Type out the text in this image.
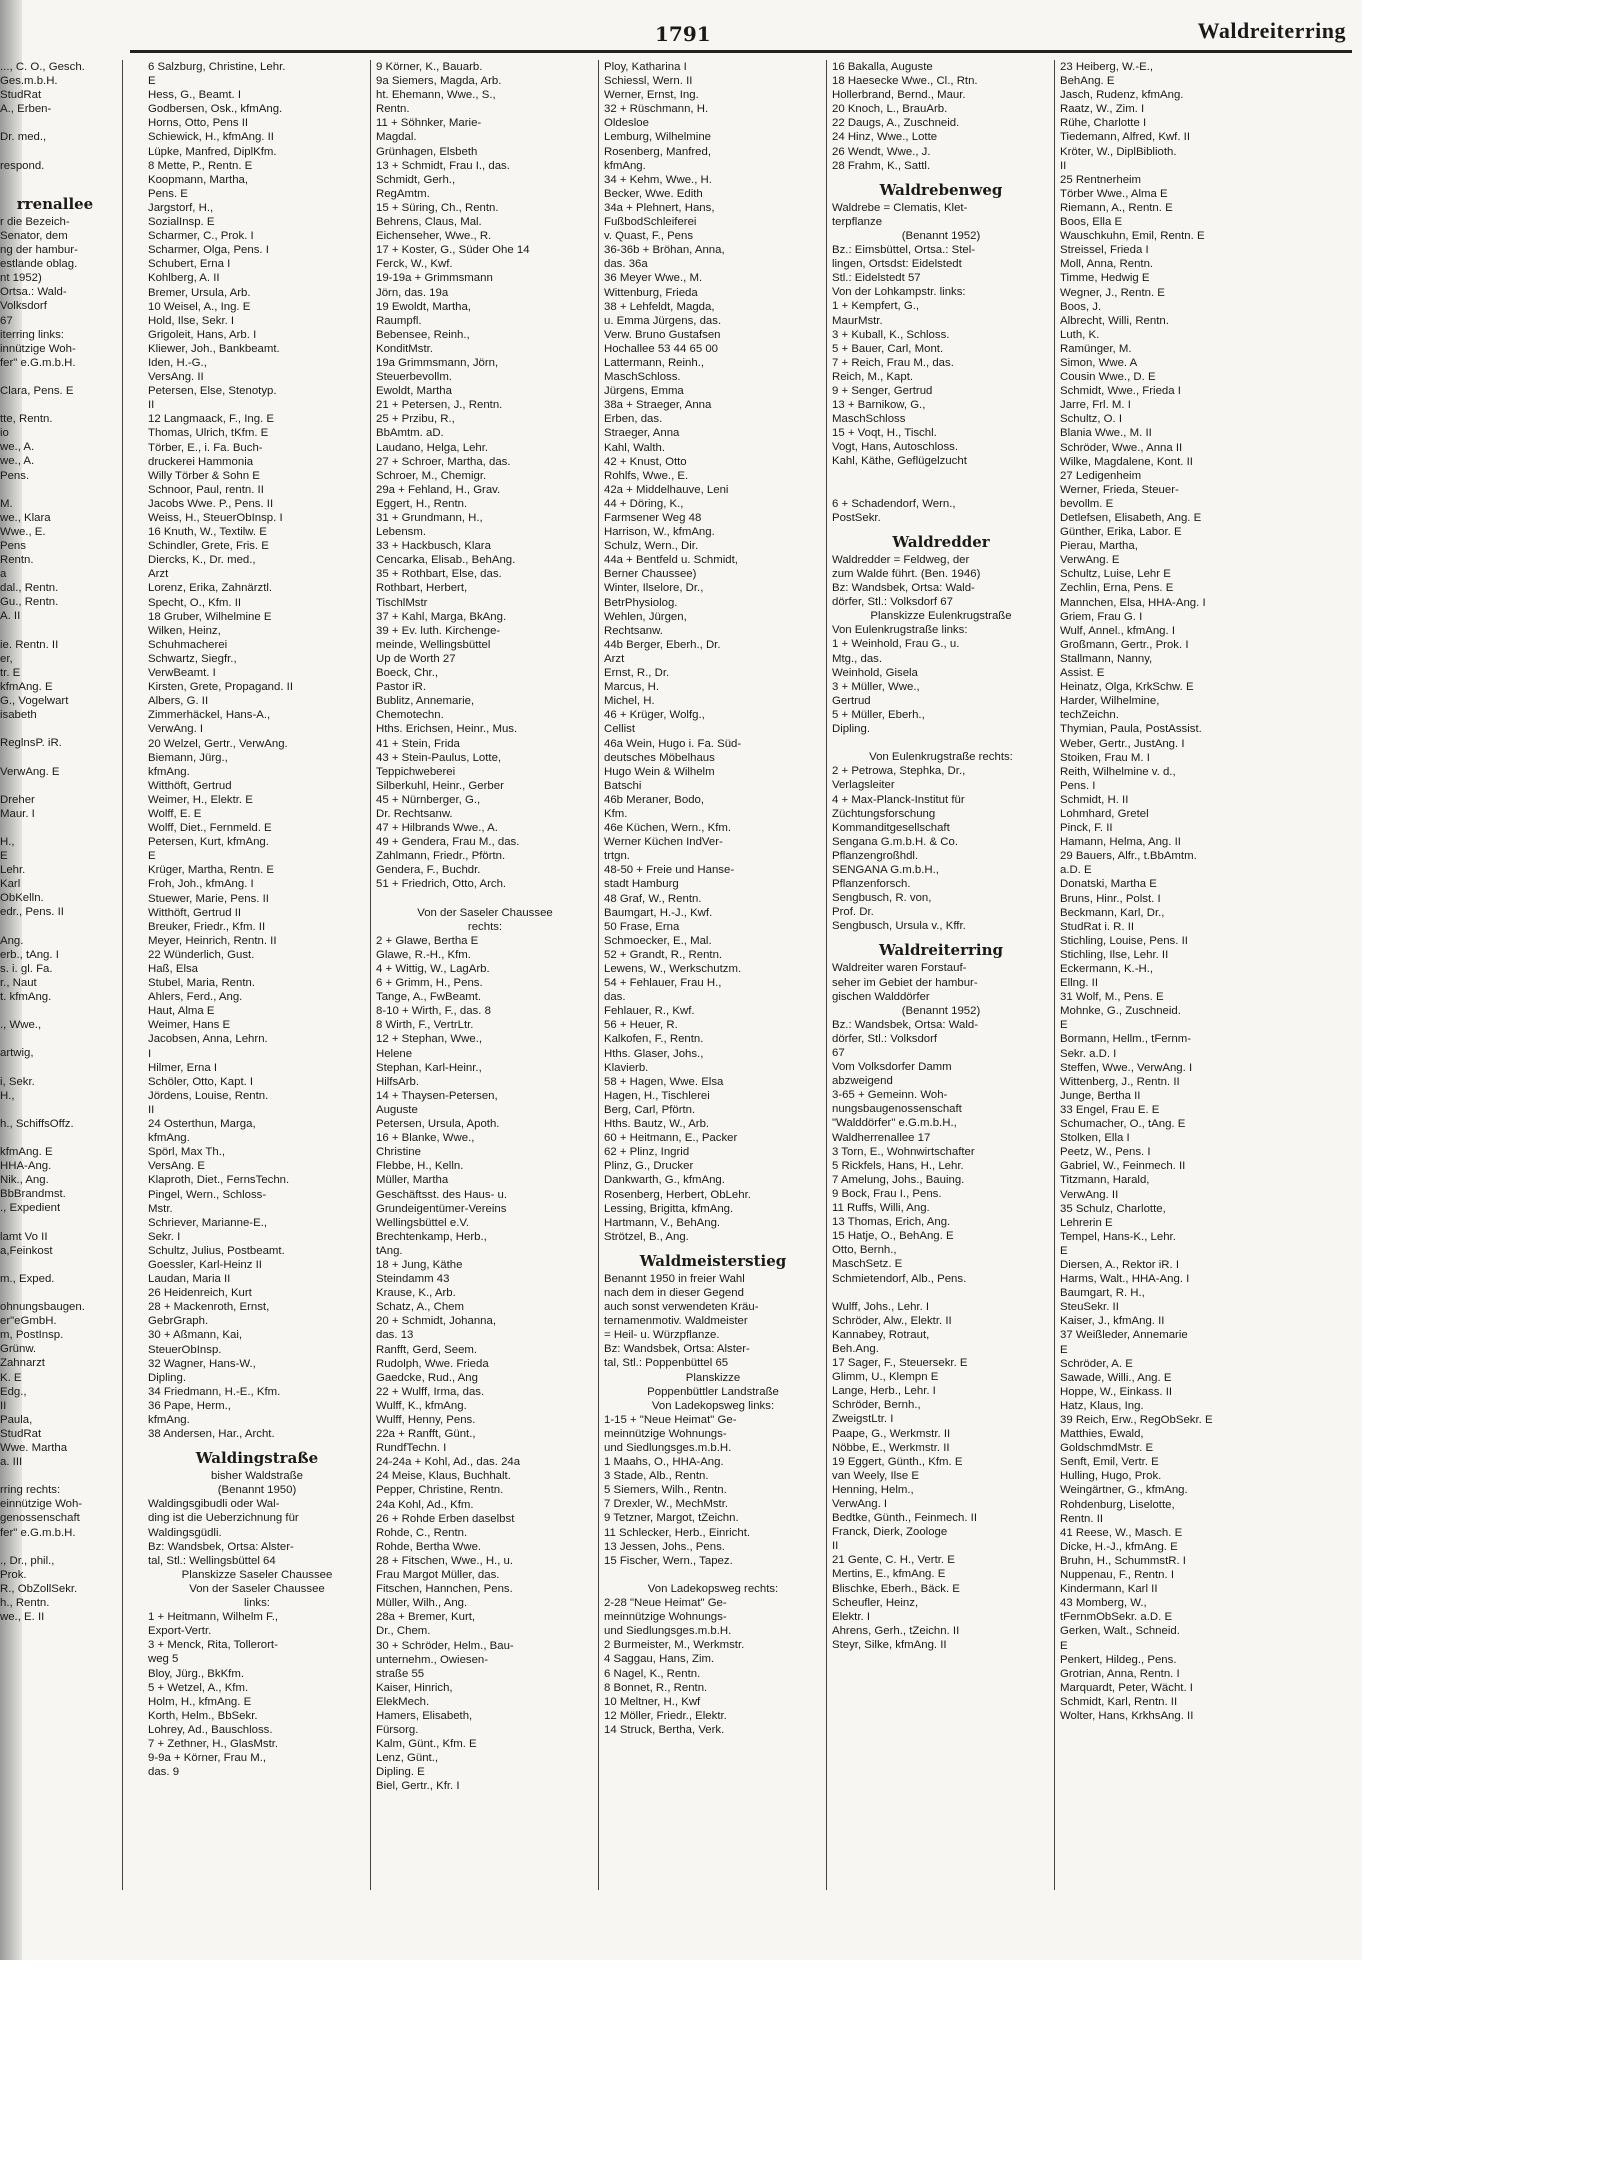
1791	Waldreiterring
..., C. O., Gesch.
Ges.m.b.H.
StudRat
A., Erben-

Dr. med.,

respond.

rrenallee
r die Bezeich-
Senator, dem
ng der hambur-
estlande oblag.
nt 1952)
Ortsa.: Wald-
Volksdorf
67
iterring links:
innützige Woh-
fer" e.G.m.b.H.

Clara, Pens. E

tte, Rentn.
io
we., A.
we., A.
Pens.

M.
we., Klara
Wwe., E.
Pens
Rentn.
a
dal., Rentn.
Gu., Rentn.
A. II

ie. Rentn. II
er,
tr. E
kfmAng. E
G., Vogelwart
isabeth

ReglnsP. iR.

VerwAng. E

Dreher
Maur. I

H.,
E
Lehr.
Karl
ObKelln.
edr., Pens. II

Ang.
erb., tAng. I
s. i. gl. Fa.
r., Naut
t. kfmAng.

., Wwe.,

artwig,

i, Sekr.
H.,

h., SchiffsOffz.

kfmAng. E
HHA-Ang.
Nik., Ang.
BbBrandmst.
., Expedient

lamt Vo II
a,Feinkost

m., Exped.

ohnungsbaugen.
er"eGmbH.
m, PostInsp.
Grünw.
Zahnarzt
K. E
Edg.,
II
Paula,
StudRat
Wwe. Martha
a. III

rring rechts:
einnützige Woh-
genossenschaft
fer" e.G.m.b.H.

., Dr., phil.,
Prok.
R., ObZollSekr.
h., Rentn.
we., E. II
6 Salzburg, Christine, Lehr.
E
Hess, G., Beamt. I
Godbersen, Osk., kfmAng.
Horns, Otto, Pens II
Schiewick, H., kfmAng. II
Lüpke, Manfred, DiplKfm.
8 Mette, P., Rentn. E
Koopmann, Martha,
Pens. E
Jargstorf, H.,
SozialInsp. E
Scharmer, C., Prok. I
Scharmer, Olga, Pens. I
Schubert, Erna I
Kohlberg, A. II
Bremer, Ursula, Arb.
10 Weisel, A., Ing. E
Hold, Ilse, Sekr. I
Grigoleit, Hans, Arb. I
Kliewer, Joh., Bankbeamt.
Iden, H.-G.,
VersAng. II
Petersen, Else, Stenotyp.
II
12 Langmaack, F., Ing. E
Thomas, Ulrich, tKfm. E
Törber, E., i. Fa. Buch-
druckerei Hammonia
Willy Törber & Sohn E
Schnoor, Paul, rentn. II
Jacobs Wwe. P., Pens. II
Weiss, H., SteuerObInsp. I
16 Knuth, W., Textilw. E
Schindler, Grete, Fris. E
Diercks, K., Dr. med.,
Arzt
Lorenz, Erika, Zahnärztl.
Specht, O., Kfm. II
18 Gruber, Wilhelmine E
Wilken, Heinz,
Schuhmacherei
Schwartz, Siegfr.,
VerwBeamt. I
Kirsten, Grete, Propagand. II
Albers, G. II
Zimmerhäckel, Hans-A.,
VerwAng. I
20 Welzel, Gertr., VerwAng.
Biemann, Jürg.,
kfmAng.
Witthöft, Gertrud
Weimer, H., Elektr. E
Wolff, E. E
Wolff, Diet., Fernmeld. E
Petersen, Kurt, kfmAng.
E
Krüger, Martha, Rentn. E
Froh, Joh., kfmAng. I
Stuewer, Marie, Pens. II
Witthöft, Gertrud II
Breuker, Friedr., Kfm. II
Meyer, Heinrich, Rentn. II
22 Wünderlich, Gust.
Haß, Elsa
Stubel, Maria, Rentn.
Ahlers, Ferd., Ang.
Haut, Alma E
Weimer, Hans E
Jacobsen, Anna, Lehrn.
I
Hilmer, Erna I
Schöler, Otto, Kapt. I
Jördens, Louise, Rentn.
II
24 Osterthun, Marga,
kfmAng.
Spörl, Max Th.,
VersAng. E
Klaproth, Diet., FernsTechn.
Pingel, Wern., Schloss-
Mstr.
Schriever, Marianne-E.,
Sekr. I
Schultz, Julius, Postbeamt.
Goessler, Karl-Heinz II
Laudan, Maria II
26 Heidenreich, Kurt
28 + Mackenroth, Ernst,
GebrGraph.
30 + Aßmann, Kai,
SteuerObInsp.
32 Wagner, Hans-W.,
Dipling.
34 Friedmann, H.-E., Kfm.
36 Pape, Herm.,
kfmAng.
38 Andersen, Har., Archt.
Waldingstraße
bisher Waldstraße
(Benannt 1950)
Waldingsgibudli oder Wal-
ding ist die Ueberzichnung für
Waldingsgüdli.
Bz: Wandsbek, Ortsa: Alster-
tal, Stl.: Wellingsbüttel 64
Planskizze Saseler Chaussee
Von der Saseler Chaussee
links:
1 + Heitmann, Wilhelm F.,
Export-Vertr.
3 + Menck, Rita, Tollerort-
weg 5
Bloy, Jürg., BkKfm.
5 + Wetzel, A., Kfm.
Holm, H., kfmAng. E
Korth, Helm., BbSekr.
Lohrey, Ad., Bauschloss.
7 + Zethner, H., GlasMstr.
9-9a + Körner, Frau M.,
das. 9
9 Körner, K., Bauarb.
9a Siemers, Magda, Arb.
ht. Ehemann, Wwe., S.,
Rentn.
11 + Söhnker, Marie-
Magdal.
Grünhagen, Elsbeth
13 + Schmidt, Frau I., das.
Schmidt, Gerh.,
RegAmtm.
15 + Süring, Ch., Rentn.
Behrens, Claus, Mal.
Eichenseher, Wwe., R.
17 + Koster, G., Süder Ohe 14
Ferck, W., Kwf.
19-19a + Grimmsmann
Jörn, das. 19a
19 Ewoldt, Martha,
Raumpfl.
Bebensee, Reinh.,
KonditMstr.
19a Grimmsmann, Jörn,
Steuerbevollm.
Ewoldt, Martha
21 + Petersen, J., Rentn.
25 + Przibu, R.,
BbAmtm. aD.
Laudano, Helga, Lehr.
27 + Schroer, Martha, das.
Schroer, M., Chemigr.
29a + Fehland, H., Grav.
Eggert, H., Rentn.
31 + Grundmann, H.,
Lebensm.
33 + Hackbusch, Klara
Cencarka, Elisab., BehAng.
35 + Rothbart, Else, das.
Rothbart, Herbert,
TischlMstr
37 + Kahl, Marga, BkAng.
39 + Ev. luth. Kirchenge-
meinde, Wellingsbüttel
Up de Worth 27
Boeck, Chr.,
Pastor iR.
Bublitz, Annemarie,
Chemotechn.
Hths. Erichsen, Heinr., Mus.
41 + Stein, Frida
43 + Stein-Paulus, Lotte,
Teppichweberei
Silberkuhl, Heinr., Gerber
45 + Nürnberger, G.,
Dr. Rechtsanw.
47 + Hilbrands Wwe., A.
49 + Gendera, Frau M., das.
Zahlmann, Friedr., Pförtn.
Gendera, F., Buchdr.
51 + Friedrich, Otto, Arch.

Von der Saseler Chaussee
rechts:
2 + Glawe, Bertha E
Glawe, R.-H., Kfm.
4 + Wittig, W., LagArb.
6 + Grimm, H., Pens.
Tange, A., FwBeamt.
8-10 + Wirth, F., das. 8
8 Wirth, F., VertrLtr.
12 + Stephan, Wwe.,
Helene
Stephan, Karl-Heinr.,
HilfsArb.
14 + Thaysen-Petersen,
Auguste
Petersen, Ursula, Apoth.
16 + Blanke, Wwe.,
Christine
Flebbe, H., Kelln.
Müller, Martha
Geschäftsst. des Haus- u.
Grundeigentümer-Vereins
Wellingsbüttel e.V.
Brechtenkamp, Herb.,
tAng.
18 + Jung, Käthe
Steindamm 43
Krause, K., Arb.
Schatz, A., Chem
20 + Schmidt, Johanna,
das. 13
Ranfft, Gerd, Seem.
Rudolph, Wwe. Frieda
Gaedcke, Rud., Ang
22 + Wulff, Irma, das.
Wulff, K., kfmAng.
Wulff, Henny, Pens.
22a + Ranfft, Günt.,
RundfTechn. I
24-24a + Kohl, Ad., das. 24a
24 Meise, Klaus, Buchhalt.
Pepper, Christine, Rentn.
24a Kohl, Ad., Kfm.
26 + Rohde Erben daselbst
Rohde, C., Rentn.
Rohde, Bertha Wwe.
28 + Fitschen, Wwe., H., u.
Frau Margot Müller, das.
Fitschen, Hannchen, Pens.
Müller, Wilh., Ang.
28a + Bremer, Kurt,
Dr., Chem.
30 + Schröder, Helm., Bau-
unternehm., Owiesen-
straße 55
Kaiser, Hinrich,
ElekMech.
Hamers, Elisabeth,
Fürsorg.
Kalm, Günt., Kfm. E
Lenz, Günt.,
Dipling. E
Biel, Gertr., Kfr. I
Ploy, Katharina I
Schiessl, Wern. II
Werner, Ernst, Ing.
32 + Rüschmann, H.
Oldesloe
Lemburg, Wilhelmine
Rosenberg, Manfred,
kfmAng.
34 + Kehm, Wwe., H.
Becker, Wwe. Edith
34a + Plehnert, Hans,
FußbodSchleiferei
v. Quast, F., Pens
36-36b + Bröhan, Anna,
das. 36a
36 Meyer Wwe., M.
Wittenburg, Frieda
38 + Lehfeldt, Magda,
u. Emma Jürgens, das.
Verw. Bruno Gustafsen
Hochallee 53 44 65 00
Lattermann, Reinh.,
MaschSchloss.
Jürgens, Emma
38a + Straeger, Anna
Erben, das.
Straeger, Anna
Kahl, Walth.
42 + Knust, Otto
Rohlfs, Wwe., E.
42a + Middelhauve, Leni
44 + Döring, K.,
Farmsener Weg 48
Harrison, W., kfmAng.
Schulz, Wern., Dir.
44a + Bentfeld u. Schmidt,
Berner Chaussee)
Winter, Ilselore, Dr.,
BetrPhysiolog.
Wehlen, Jürgen,
Rechtsanw.
44b Berger, Eberh., Dr.
Arzt
Ernst, R., Dr.
Marcus, H.
Michel, H.
46 + Krüger, Wolfg.,
Cellist
46a Wein, Hugo i. Fa. Süd-
deutsches Möbelhaus
Hugo Wein & Wilhelm
Batschi
46b Meraner, Bodo,
Kfm.
46e Küchen, Wern., Kfm.
Werner Küchen IndVer-
trtgn.
48-50 + Freie und Hanse-
stadt Hamburg
48 Graf, W., Rentn.
Baumgart, H.-J., Kwf.
50 Frase, Erna
Schmoecker, E., Mal.
52 + Grandt, R., Rentn.
Lewens, W., Werkschutzm.
54 + Fehlauer, Frau H.,
das.
Fehlauer, R., Kwf.
56 + Heuer, R.
Kalkofen, F., Rentn.
Hths. Glaser, Johs.,
Klavierb.
58 + Hagen, Wwe. Elsa
Hagen, H., Tischlerei
Berg, Carl, Pförtn.
Hths. Bautz, W., Arb.
60 + Heitmann, E., Packer
62 + Plinz, Ingrid
Plinz, G., Drucker
Dankwarth, G., kfmAng.
Rosenberg, Herbert, ObLehr.
Lessing, Brigitta, kfmAng.
Hartmann, V., BehAng.
Strötzel, B., Ang.
Waldmeisterstieg
Benannt 1950 in freier Wahl
nach dem in dieser Gegend
auch sonst verwendeten Kräu-
ternamenmotiv. Waldmeister
= Heil- u. Würzpflanze.
Bz: Wandsbek, Ortsa: Alster-
tal, Stl.: Poppenbüttel 65
Planskizze
Poppenbüttler Landstraße
Von Ladekopsweg links:
1-15 + "Neue Heimat" Ge-
meinnützige Wohnungs-
und Siedlungsges.m.b.H.
1 Maahs, O., HHA-Ang.
3 Stade, Alb., Rentn.
5 Siemers, Wilh., Rentn.
7 Drexler, W., MechMstr.
9 Tetzner, Margot, tZeichn.
11 Schlecker, Herb., Einricht.
13 Jessen, Johs., Pens.
15 Fischer, Wern., Tapez.

Von Ladekopsweg rechts:
2-28 "Neue Heimat" Ge-
meinnützige Wohnungs-
und Siedlungsges.m.b.H.
2 Burmeister, M., Werkmstr.
4 Saggau, Hans, Zim.
6 Nagel, K., Rentn.
8 Bonnet, R., Rentn.
10 Meltner, H., Kwf
12 Möller, Friedr., Elektr.
14 Struck, Bertha, Verk.
16 Bakalla, Auguste
18 Haesecke Wwe., Cl., Rtn.
Hollerbrand, Bernd., Maur.
20 Knoch, L., BrauArb.
22 Daugs, A., Zuschneid.
24 Hinz, Wwe., Lotte
26 Wendt, Wwe., J.
28 Frahm, K., Sattl.
Waldrebenweg
Waldrebe = Clematis, Klet-
terpflanze
(Benannt 1952)
Bz.: Eimsbüttel, Ortsa.: Stel-
lingen, Ortsdst: Eidelstedt
Stl.: Eidelstedt 57
Von der Lohkampstr. links:
1 + Kempfert, G.,
MaurMstr.
3 + Kuball, K., Schloss.
5 + Bauer, Carl, Mont.
7 + Reich, Frau M., das.
Reich, M., Kapt.
9 + Senger, Gertrud
13 + Barnikow, G.,
MaschSchloss
15 + Voqt, H., Tischl.
Vogt, Hans, Autoschloss.
Kahl, Käthe, Geflügelzucht

6 + Schadendorf, Wern.,
PostSekr.
Waldredder
Waldredder = Feldweg, der
zum Walde führt. (Ben. 1946)
Bz: Wandsbek, Ortsa: Wald-
dörfer, Stl.: Volksdorf 67
Planskizze Eulenkrugstraße
Von Eulenkrugstraße links:
1 + Weinhold, Frau G., u.
Mtg., das.
Weinhold, Gisela
3 + Müller, Wwe.,
Gertrud
5 + Müller, Eberh.,
Dipling.

Von Eulenkrugstraße rechts:
2 + Petrowa, Stephka, Dr.,
Verlagsleiter
4 + Max-Planck-Institut für
Züchtungsforschung
Kommanditgesellschaft
Sengana G.m.b.H. & Co.
Pflanzengroßhdl.
SENGANA G.m.b.H.,
Pflanzenforsch.
Sengbusch, R. von,
Prof. Dr.
Sengbusch, Ursula v., Kffr.
Waldreiterring
Waldreiter waren Forstauf-
seher im Gebiet der hambur-
gischen Walddörfer
(Benannt 1952)
Bz.: Wandsbek, Ortsa: Wald-
dörfer, Stl.: Volksdorf
67
Vom Volksdorfer Damm
abzweigend
3-65 + Gemeinn. Woh-
nungsbaugenossenschaft
"Walddörfer" e.G.m.b.H.,
Waldherrenallee 17
3 Torn, E., Wohnwirtschafter
5 Rickfels, Hans, H., Lehr.
7 Amelung, Johs., Bauing.
9 Bock, Frau I., Pens.
11 Ruffs, Willi, Ang.
13 Thomas, Erich, Ang.
15 Hatje, O., BehAng. E
Otto, Bernh.,
MaschSetz. E
Schmietendorf, Alb., Pens.

Wulff, Johs., Lehr. I
Schröder, Alw., Elektr. II
Kannabey, Rotraut,
Beh.Ang.
17 Sager, F., Steuersekr. E
Glimm, U., Klempn E
Lange, Herb., Lehr. I
Schröder, Bernh.,
ZweigstLtr. I
Paape, G., Werkmstr. II
Nöbbe, E., Werkmstr. II
19 Eggert, Günth., Kfm. E
van Weely, Ilse E
Henning, Helm.,
VerwAng. I
Bedtke, Günth., Feinmech. II
Franck, Dierk, Zoologe
II
21 Gente, C. H., Vertr. E
Mertins, E., kfmAng. E
Blischke, Eberh., Bäck. E
Scheufler, Heinz,
Elektr. I
Ahrens, Gerh., tZeichn. II
Steyr, Silke, kfmAng. II
23 Heiberg, W.-E.,
BehAng. E
Jasch, Rudenz, kfmAng.
Raatz, W., Zim. I
Rühe, Charlotte I
Tiedemann, Alfred, Kwf. II
Kröter, W., DiplBiblioth.
II
25 Rentnerheim
Törber Wwe., Alma E
Riemann, A., Rentn. E
Boos, Ella E
Wauschkuhn, Emil, Rentn. E
Streissel, Frieda I
Moll, Anna, Rentn.
Timme, Hedwig E
Wegner, J., Rentn. E
Boos, J.
Albrecht, Willi, Rentn.
Luth, K.
Ramünger, M.
Simon, Wwe. A
Cousin Wwe., D. E
Schmidt, Wwe., Frieda I
Jarre, Frl. M. I
Schultz, O. I
Blania Wwe., M. II
Schröder, Wwe., Anna II
Wilke, Magdalene, Kont. II
27 Ledigenheim
Werner, Frieda, Steuer-
bevollm. E
Detlefsen, Elisabeth, Ang. E
Günther, Erika, Labor. E
Pierau, Martha,
VerwAng. E
Schultz, Luise, Lehr E
Zechlin, Erna, Pens. E
Mannchen, Elsa, HHA-Ang. I
Griem, Frau G. I
Wulf, Annel., kfmAng. I
Großmann, Gertr., Prok. I
Stallmann, Nanny,
Assist. E
Heinatz, Olga, KrkSchw. E
Harder, Wilhelmine,
techZeichn.
Thymian, Paula, PostAssist.
Weber, Gertr., JustAng. I
Stoiken, Frau M. I
Reith, Wilhelmine v. d.,
Pens. I
Schmidt, H. II
Lohmhard, Gretel
Pinck, F. II
Hamann, Helma, Ang. II
29 Bauers, Alfr., t.BbAmtm.
a.D. E
Donatski, Martha E
Bruns, Hinr., Polst. I
Beckmann, Karl, Dr.,
StudRat i. R. II
Stichling, Louise, Pens. II
Stichling, Ilse, Lehr. II
Eckermann, K.-H.,
Ellng. II
31 Wolf, M., Pens. E
Mohnke, G., Zuschneid.
E
Bormann, Hellm., tFernm-
Sekr. a.D. I
Steffen, Wwe., VerwAng. I
Wittenberg, J., Rentn. II
Junge, Bertha II
33 Engel, Frau E. E
Schumacher, O., tAng. E
Stolken, Ella I
Peetz, W., Pens. I
Gabriel, W., Feinmech. II
Titzmann, Harald,
VerwAng. II
35 Schulz, Charlotte,
Lehrerin E
Tempel, Hans-K., Lehr.
E
Diersen, A., Rektor iR. I
Harms, Walt., HHA-Ang. I
Baumgart, R. H.,
SteuSekr. II
Kaiser, J., kfmAng. II
37 Weißleder, Annemarie
E
Schröder, A. E
Sawade, Willi., Ang. E
Hoppe, W., Einkass. II
Hatz, Klaus, Ing.
39 Reich, Erw., RegObSekr. E
Matthies, Ewald,
GoldschmdMstr. E
Senft, Emil, Vertr. E
Hulling, Hugo, Prok.
Weingärtner, G., kfmAng.
Rohdenburg, Liselotte,
Rentn. II
41 Reese, W., Masch. E
Dicke, H.-J., kfmAng. E
Bruhn, H., SchummstR. I
Nuppenau, F., Rentn. I
Kindermann, Karl II
43 Momberg, W.,
tFernmObSekr. a.D. E
Gerken, Walt., Schneid.
E
Penkert, Hildeg., Pens.
Grotrian, Anna, Rentn. I
Marquardt, Peter, Wächt. I
Schmidt, Karl, Rentn. II
Wolter, Hans, KrkhsAng. II
